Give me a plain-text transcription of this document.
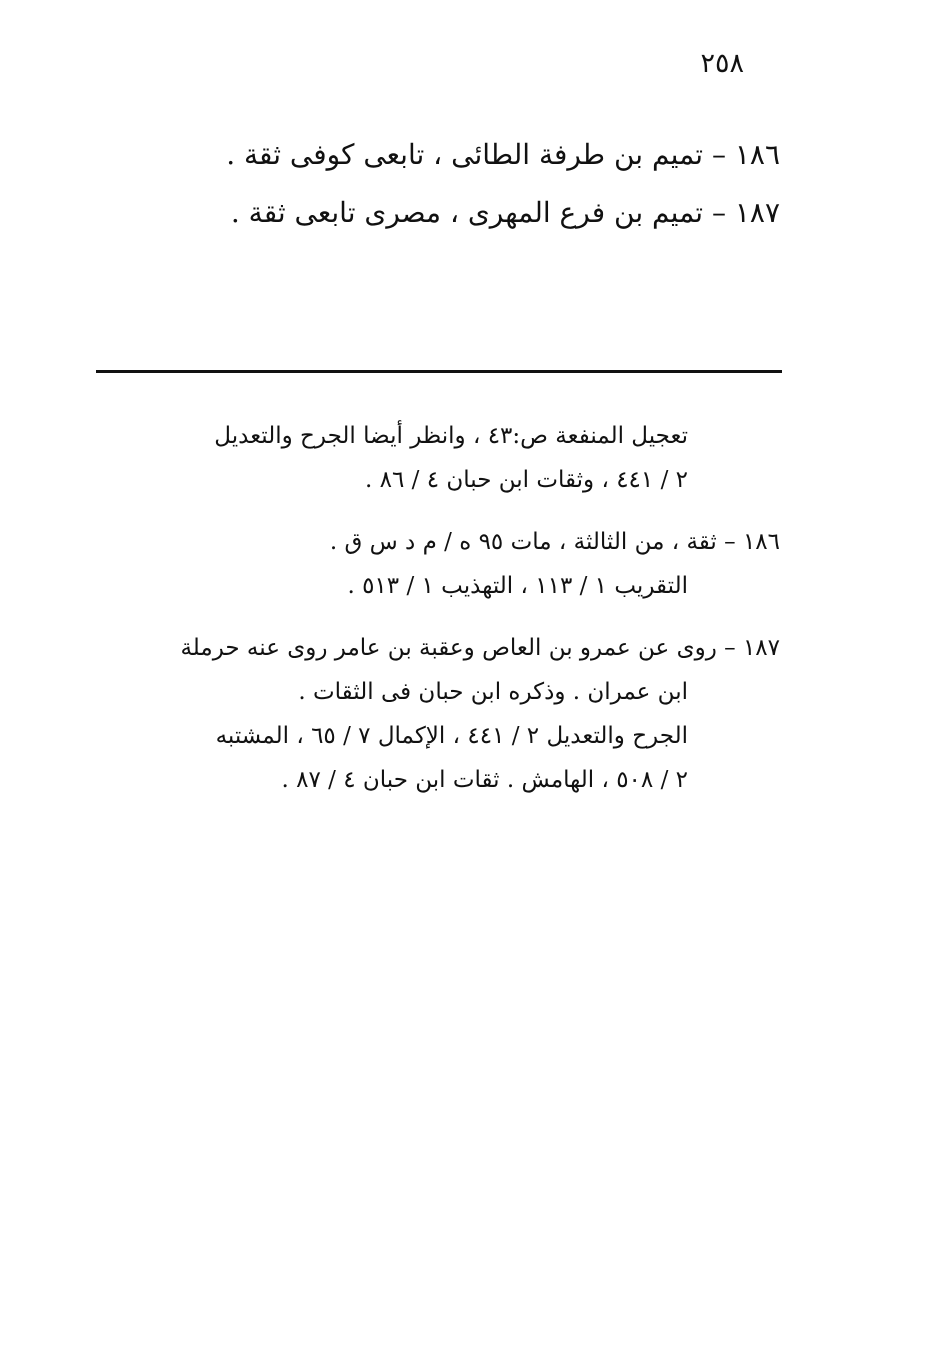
٢٥٨
١٨٦ – تميم بن طرفة الطائى ، تابعى كوفى ثقة .
١٨٧ – تميم بن فرع المهرى ، مصرى تابعى ثقة .
تعجيل المنفعة ص:٤٣ ، وانظر أيضا الجرح والتعديل
٢ / ٤٤١ ، وثقات ابن حبان ٤ / ٨٦ .
١٨٦ – ثقة ، من الثالثة ، مات ٩٥ ه / م د س ق .
التقريب ١ / ١١٣ ، التهذيب ١ / ٥١٣ .
١٨٧ – روى عن عمرو بن العاص وعقبة بن عامر روى عنه حرملة
ابن عمران . وذكره ابن حبان فى الثقات .
الجرح والتعديل ٢ / ٤٤١ ، الإكمال ٧ / ٦٥ ، المشتبه
٢ / ٥٠٨ ، الهامش . ثقات ابن حبان ٤ / ٨٧ .
